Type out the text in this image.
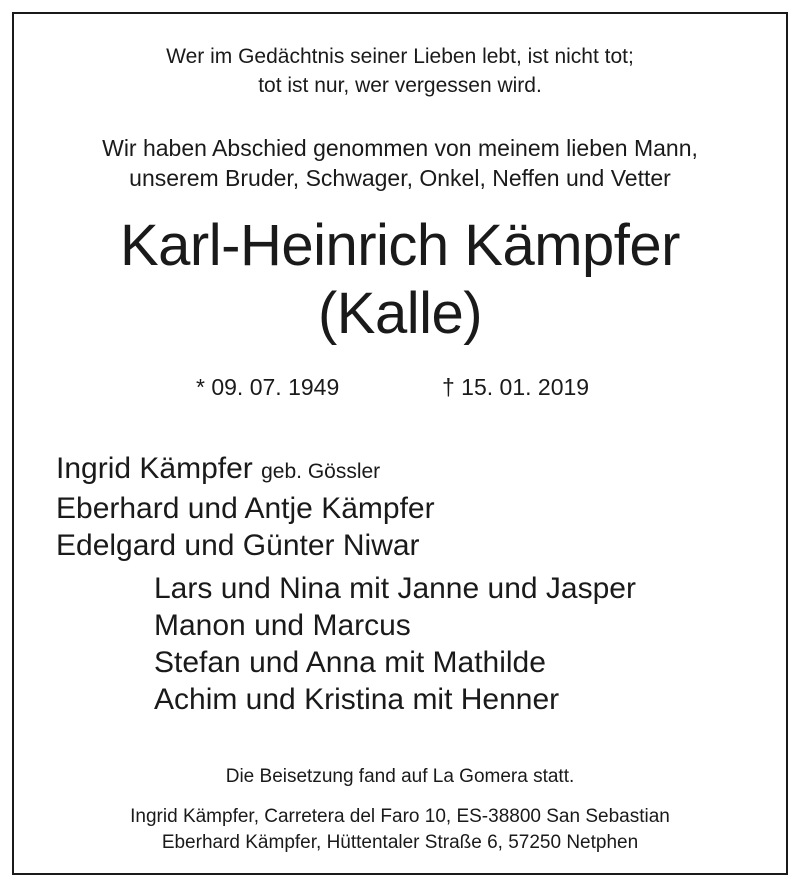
Wer im Gedächtnis seiner Lieben lebt, ist nicht tot;
tot ist nur, wer vergessen wird.
Wir haben Abschied genommen von meinem lieben Mann,
unserem Bruder, Schwager, Onkel, Neffen und Vetter
Karl-Heinrich Kämpfer
(Kalle)
* 09. 07. 1949	† 15. 01. 2019
Ingrid Kämpfer geb. Gössler
Eberhard und Antje Kämpfer
Edelgard und Günter Niwar
Lars und Nina mit Janne und Jasper
Manon und Marcus
Stefan und Anna mit Mathilde
Achim und Kristina mit Henner
Die Beisetzung fand auf La Gomera statt.
Ingrid Kämpfer, Carretera del Faro 10, ES-38800 San Sebastian
Eberhard Kämpfer, Hüttentaler Straße 6, 57250 Netphen
